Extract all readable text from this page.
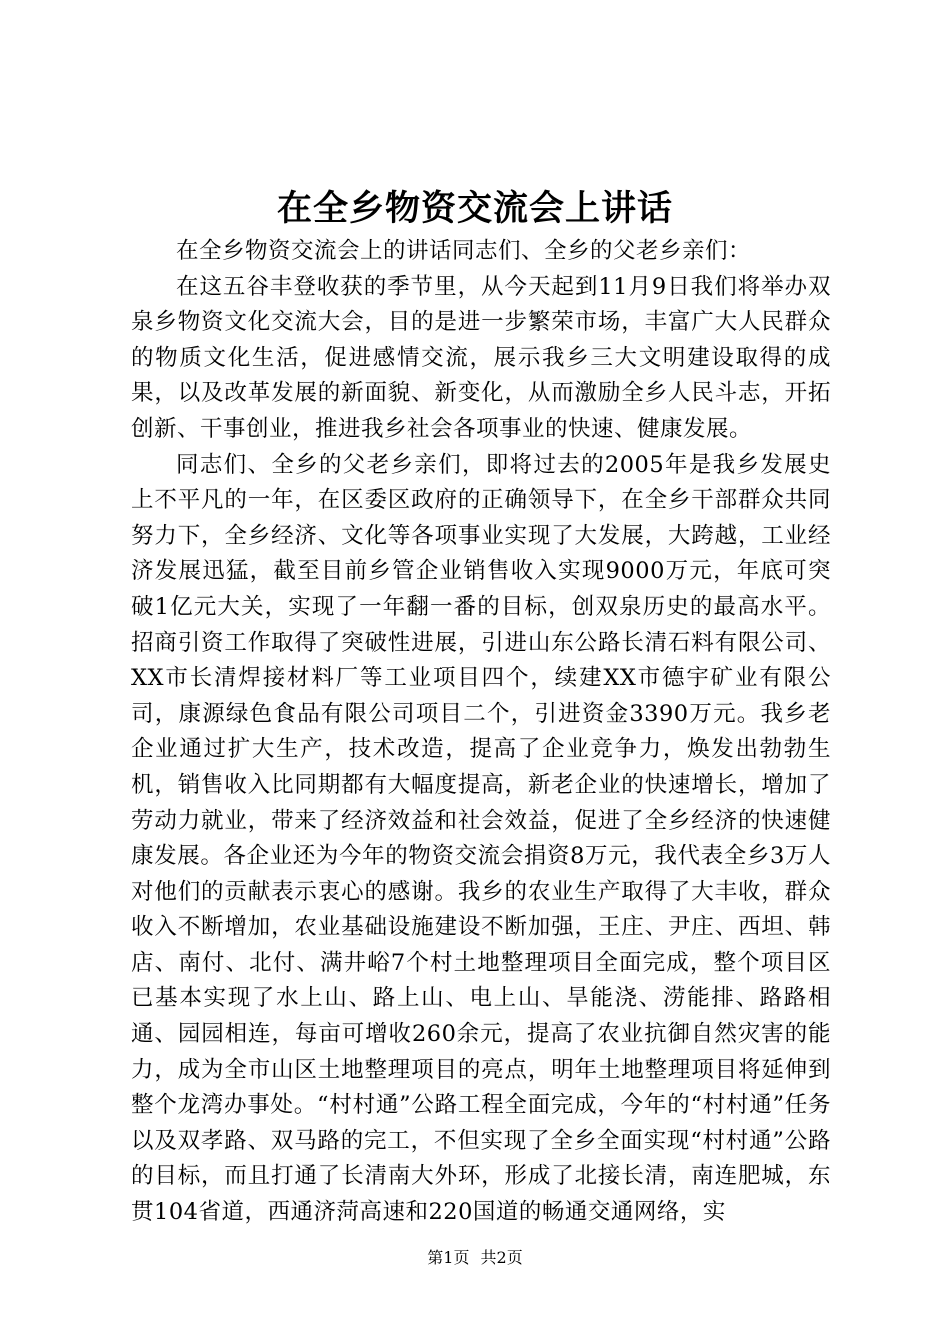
在全乡物资交流会上讲话

在全乡物资交流会上的讲话同志们、全乡的父老乡亲们：

在这五谷丰登收获的季节里，从今天起到11月9日我们将举办双泉乡物资文化交流大会，目的是进一步繁荣市场，丰富广大人民群众的物质文化生活，促进感情交流，展示我乡三大文明建设取得的成果，以及改革发展的新面貌、新变化，从而激励全乡人民斗志，开拓创新、干事创业，推进我乡社会各项事业的快速、健康发展。

同志们、全乡的父老乡亲们，即将过去的2005年是我乡发展史上不平凡的一年，在区委区政府的正确领导下，在全乡干部群众共同努力下，全乡经济、文化等各项事业实现了大发展，大跨越，工业经济发展迅猛，截至目前乡管企业销售收入实现9000万元，年底可突破1亿元大关，实现了一年翻一番的目标，创双泉历史的最高水平。招商引资工作取得了突破性进展，引进山东公路长清石料有限公司、XX市长清焊接材料厂等工业项目四个，续建XX市德宇矿业有限公司，康源绿色食品有限公司项目二个，引进资金3390万元。我乡老企业通过扩大生产，技术改造，提高了企业竞争力，焕发出勃勃生机，销售收入比同期都有大幅度提高，新老企业的快速增长，增加了劳动力就业，带来了经济效益和社会效益，促进了全乡经济的快速健康发展。各企业还为今年的物资交流会捐资8万元，我代表全乡3万人对他们的贡献表示衷心的感谢。我乡的农业生产取得了大丰收，群众收入不断增加，农业基础设施建设不断加强，王庄、尹庄、西坦、韩店、南付、北付、满井峪7个村土地整理项目全面完成，整个项目区已基本实现了水上山、路上山、电上山、旱能浇、涝能排、路路相通、园园相连，每亩可增收260余元，提高了农业抗御自然灾害的能力，成为全市山区土地整理项目的亮点，明年土地整理项目将延伸到整个龙湾办事处。“村村通”公路工程全面完成，今年的“村村通”任务以及双孝路、双马路的完工，不但实现了全乡全面实现“村村通”公路的目标，而且打通了长清南大外环，形成了北接长清，南连肥城，东贯104省道，西通济菏高速和220国道的畅通交通网络，实

第1页 共2页
